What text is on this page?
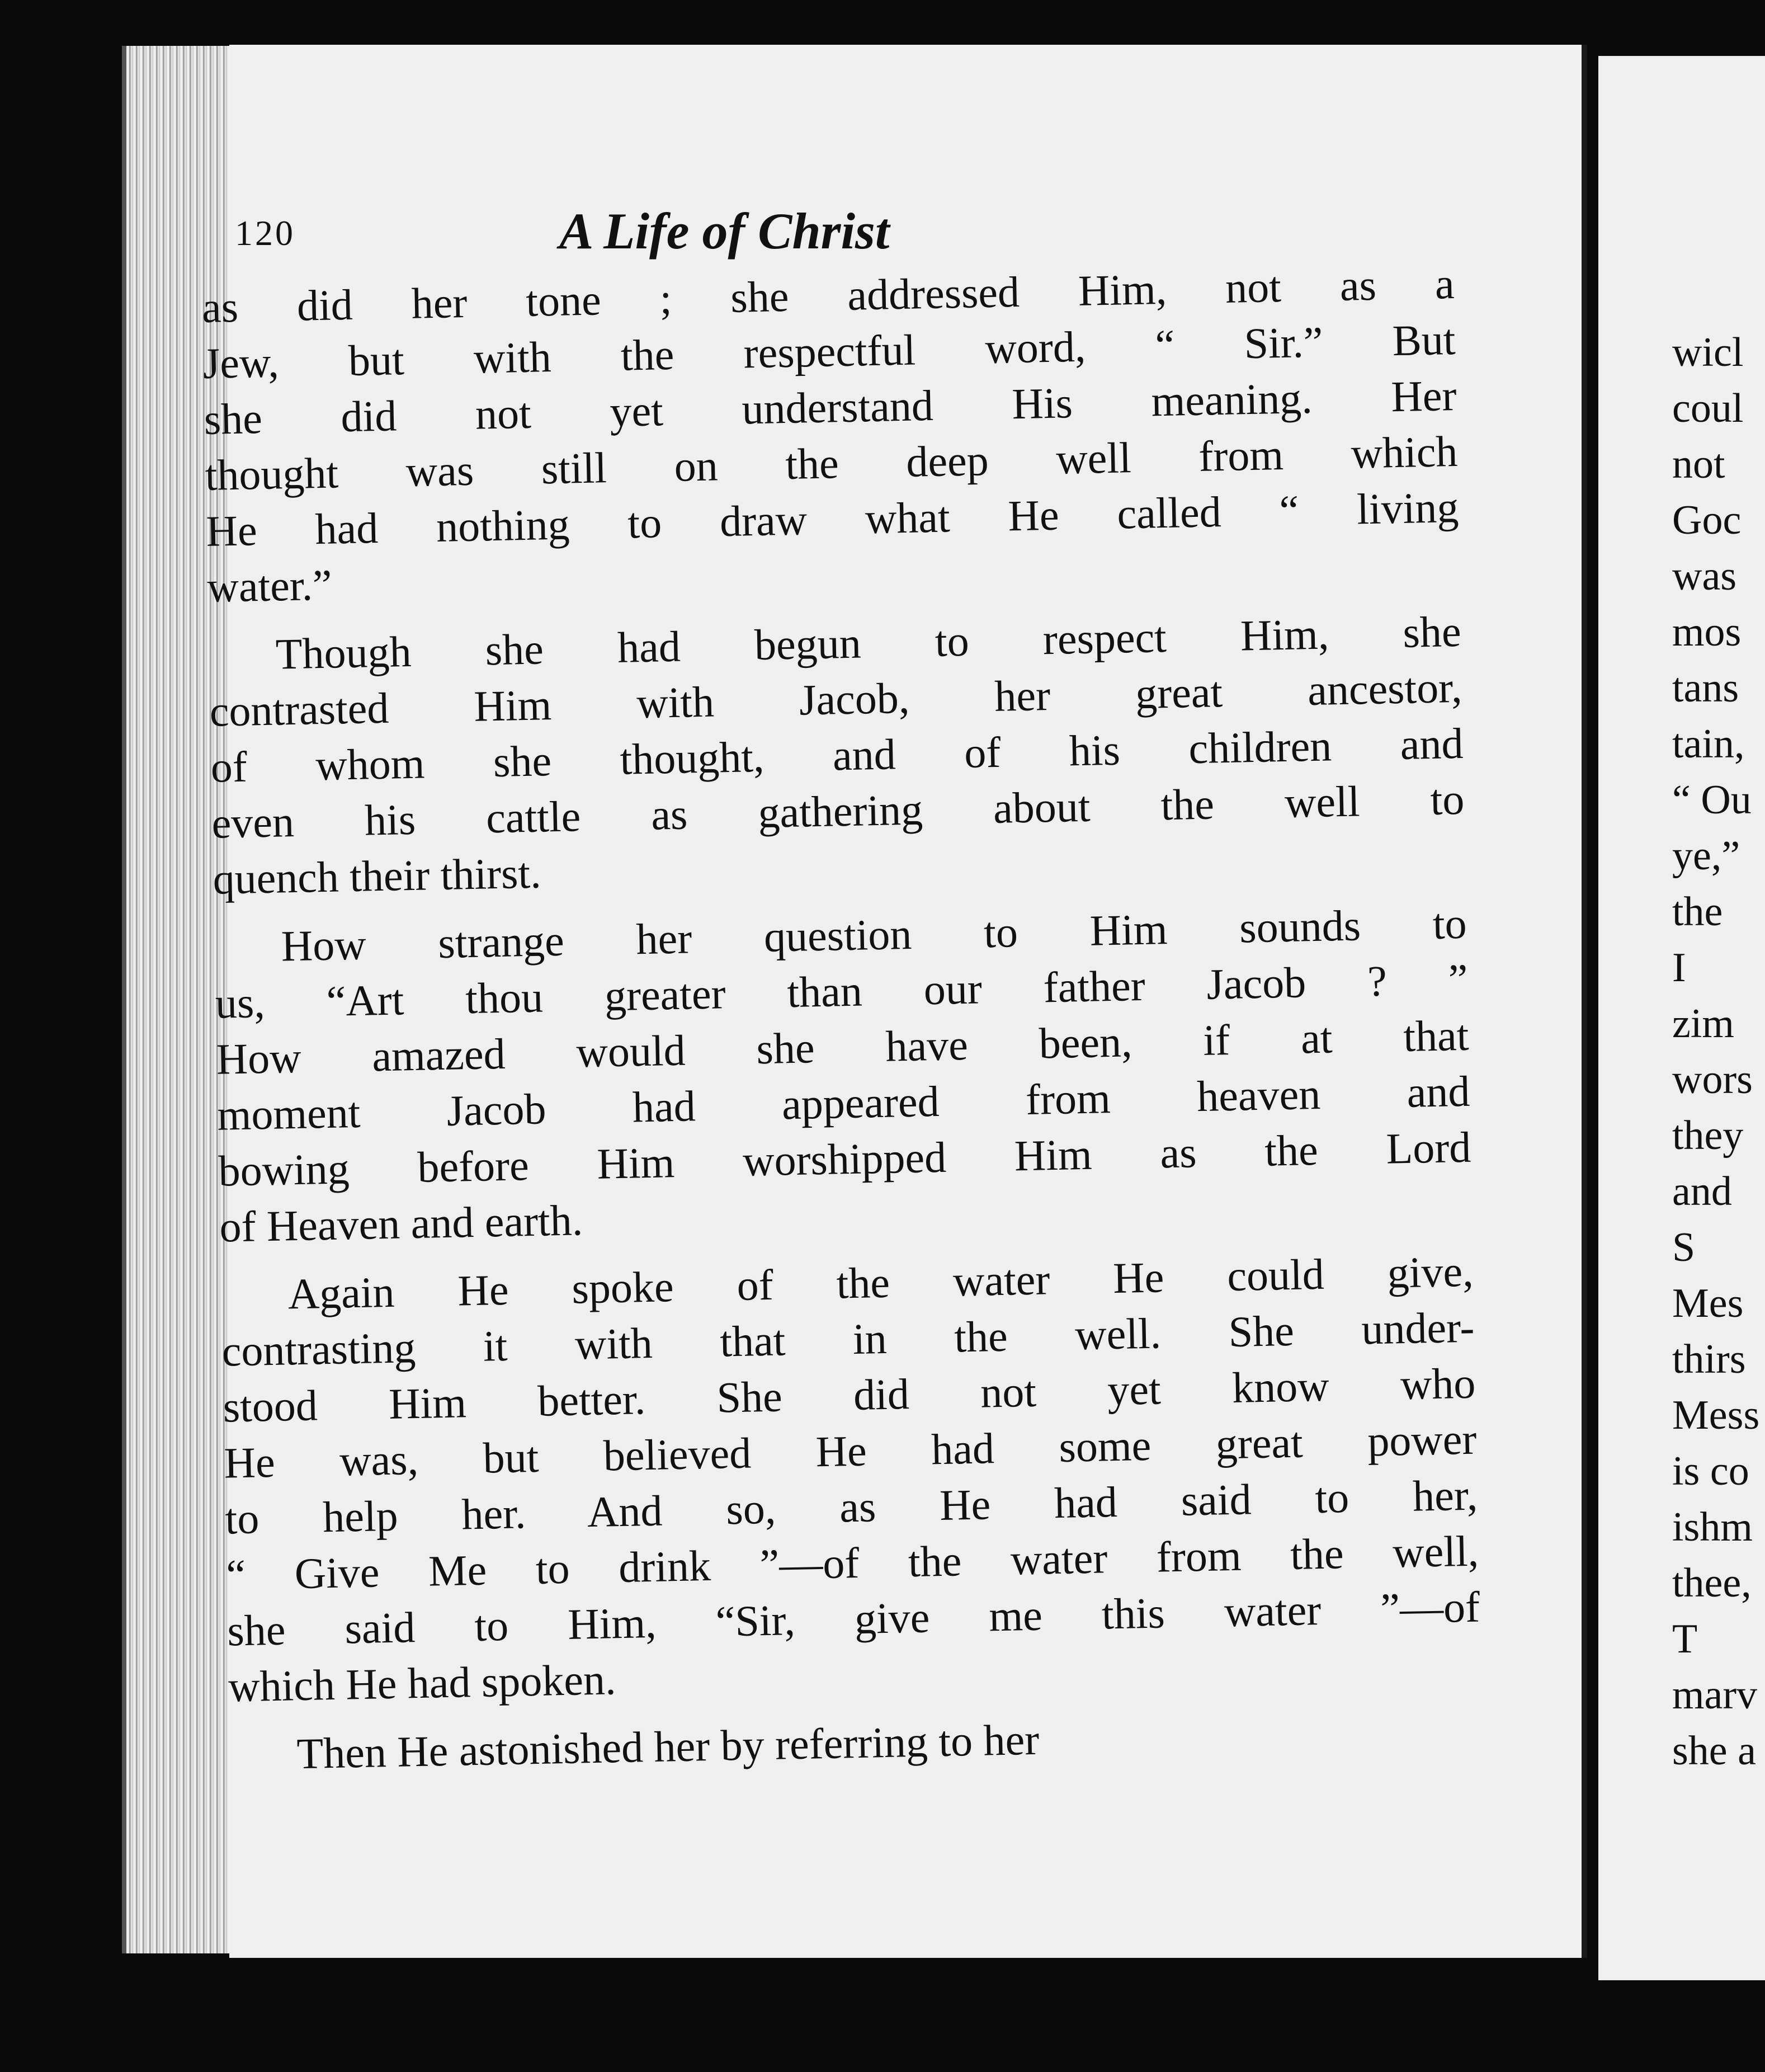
120	A Life of Christ
as did her tone ; she addressed Him, not as a
Jew, but with the respectful word, “ Sir.” But
she did not yet understand His meaning. Her
thought was still on the deep well from which
He had nothing to draw what He called “ living
water.”
Though she had begun to respect Him, she
contrasted Him with Jacob, her great ancestor,
of whom she thought, and of his children and
even his cattle as gathering about the well to
quench their thirst.
How strange her question to Him sounds to
us, “Art thou greater than our father Jacob ? ”
How amazed would she have been, if at that
moment Jacob had appeared from heaven and
bowing before Him worshipped Him as the Lord
of Heaven and earth.
Again He spoke of the water He could give,
contrasting it with that in the well. She under-
stood Him better. She did not yet know who
He was, but believed He had some great power
to help her. And so, as He had said to her,
“ Give Me to drink ”—of the water from the well,
she said to Him, “Sir, give me this water ”—of
which He had spoken.
Then He astonished her by referring to her
wicl
coul
not
Goc
was
mos
tans
tain,
“ Ou
ye,”
the
I
zim
wors
they
and
S
Mes
thirs
Mess
is co
ishm
thee,
T
marv
she a
